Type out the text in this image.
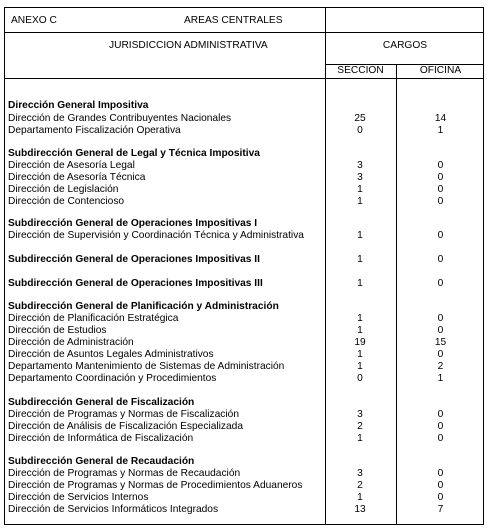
ANEXO C	AREAS CENTRALES
JURISDICCION ADMINISTRATIVA	CARGOS
SECCION	OFICINA
Dirección General Impositiva
Dirección de Grandes Contribuyentes Nacionales	25	14
Departamento Fiscalización Operativa	0	1
Subdirección General de Legal y Técnica Impositiva
Dirección de Asesoría Legal	3	0
Dirección de Asesoría Técnica	3	0
Dirección de Legislación	1	0
Dirección de Contencioso	1	0
Subdirección General de Operaciones Impositivas I
Dirección de Supervisión y Coordinación Técnica y Administrativa	1	0
Subdirección General de Operaciones Impositivas II	1	0
Subdirección General de Operaciones Impositivas III	1	0
Subdirección General de Planificación y Administración
Dirección de Planificación Estratégica	1	0
Dirección de Estudios	1	0
Dirección de Administración	19	15
Dirección de Asuntos Legales Administrativos	1	0
Departamento Mantenimiento de Sistemas de Administración	1	2
Departamento Coordinación y Procedimientos	0	1
Subdirección General de Fiscalización
Dirección de Programas y Normas de Fiscalización	3	0
Dirección de Análisis de Fiscalización Especializada	2	0
Dirección de Informática de Fiscalización	1	0
Subdirección General de Recaudación
Dirección de Programas y Normas de Recaudación	3	0
Dirección de Programas y Normas de Procedimientos Aduaneros	2	0
Dirección de Servicios Internos	1	0
Dirección de Servicios Informáticos Integrados	13	7
